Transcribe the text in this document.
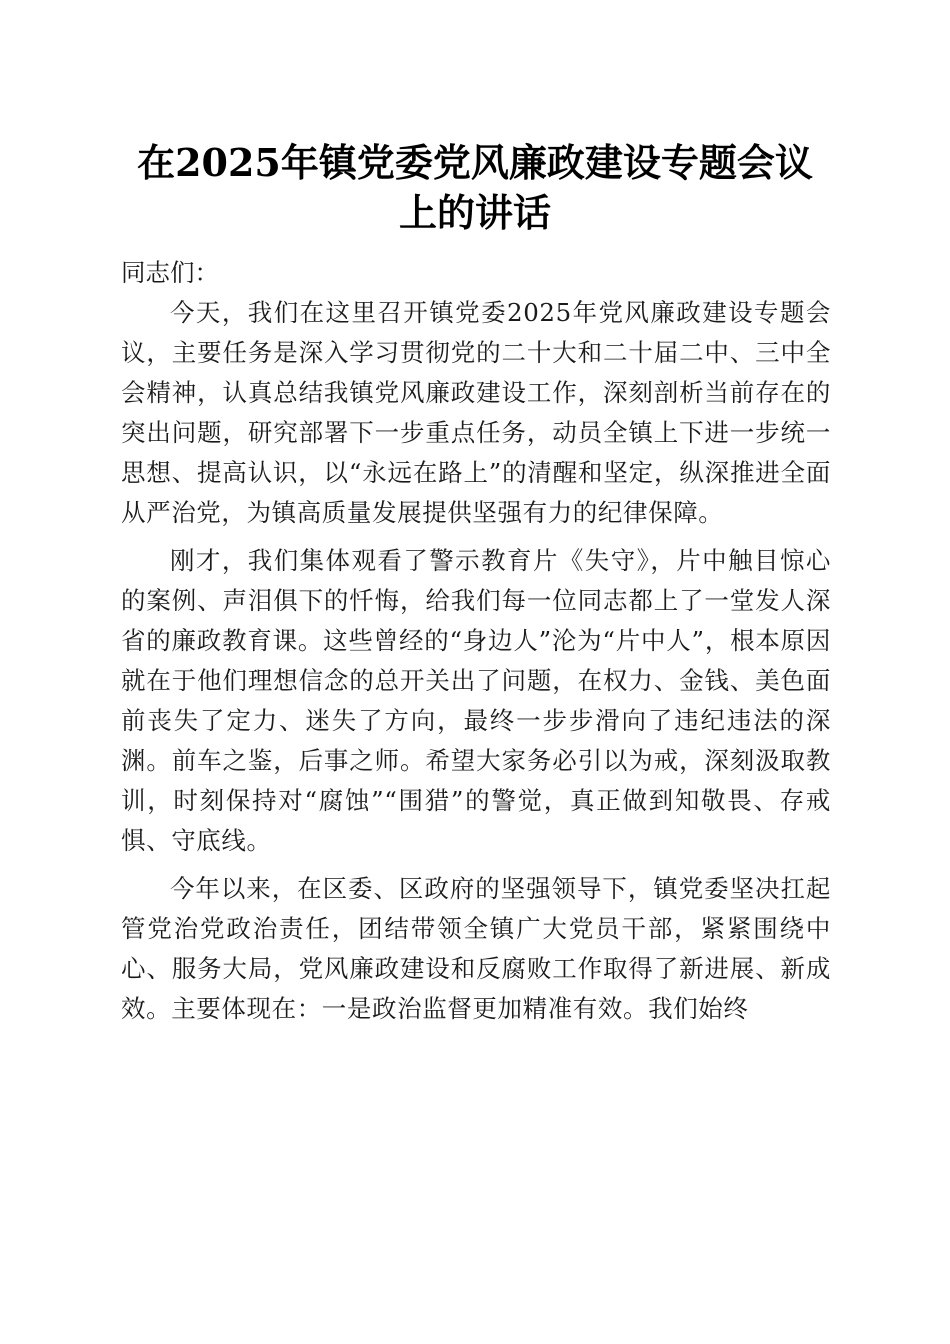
在2025年镇党委党风廉政建设专题会议上的讲话

同志们：

今天，我们在这里召开镇党委2025年党风廉政建设专题会议，主要任务是深入学习贯彻党的二十大和二十届二中、三中全会精神，认真总结我镇党风廉政建设工作，深刻剖析当前存在的突出问题，研究部署下一步重点任务，动员全镇上下进一步统一思想、提高认识，以“永远在路上”的清醒和坚定，纵深推进全面从严治党，为镇高质量发展提供坚强有力的纪律保障。

刚才，我们集体观看了警示教育片《失守》，片中触目惊心的案例、声泪俱下的忏悔，给我们每一位同志都上了一堂发人深省的廉政教育课。这些曾经的“身边人”沦为“片中人”，根本原因就在于他们理想信念的总开关出了问题，在权力、金钱、美色面前丧失了定力、迷失了方向，最终一步步滑向了违纪违法的深渊。前车之鉴，后事之师。希望大家务必引以为戒，深刻汲取教训，时刻保持对“腐蚀”“围猎”的警觉，真正做到知敬畏、存戒惧、守底线。

今年以来，在区委、区政府的坚强领导下，镇党委坚决扛起管党治党政治责任，团结带领全镇广大党员干部，紧紧围绕中心、服务大局，党风廉政建设和反腐败工作取得了新进展、新成效。主要体现在：一是政治监督更加精准有效。我们始终
